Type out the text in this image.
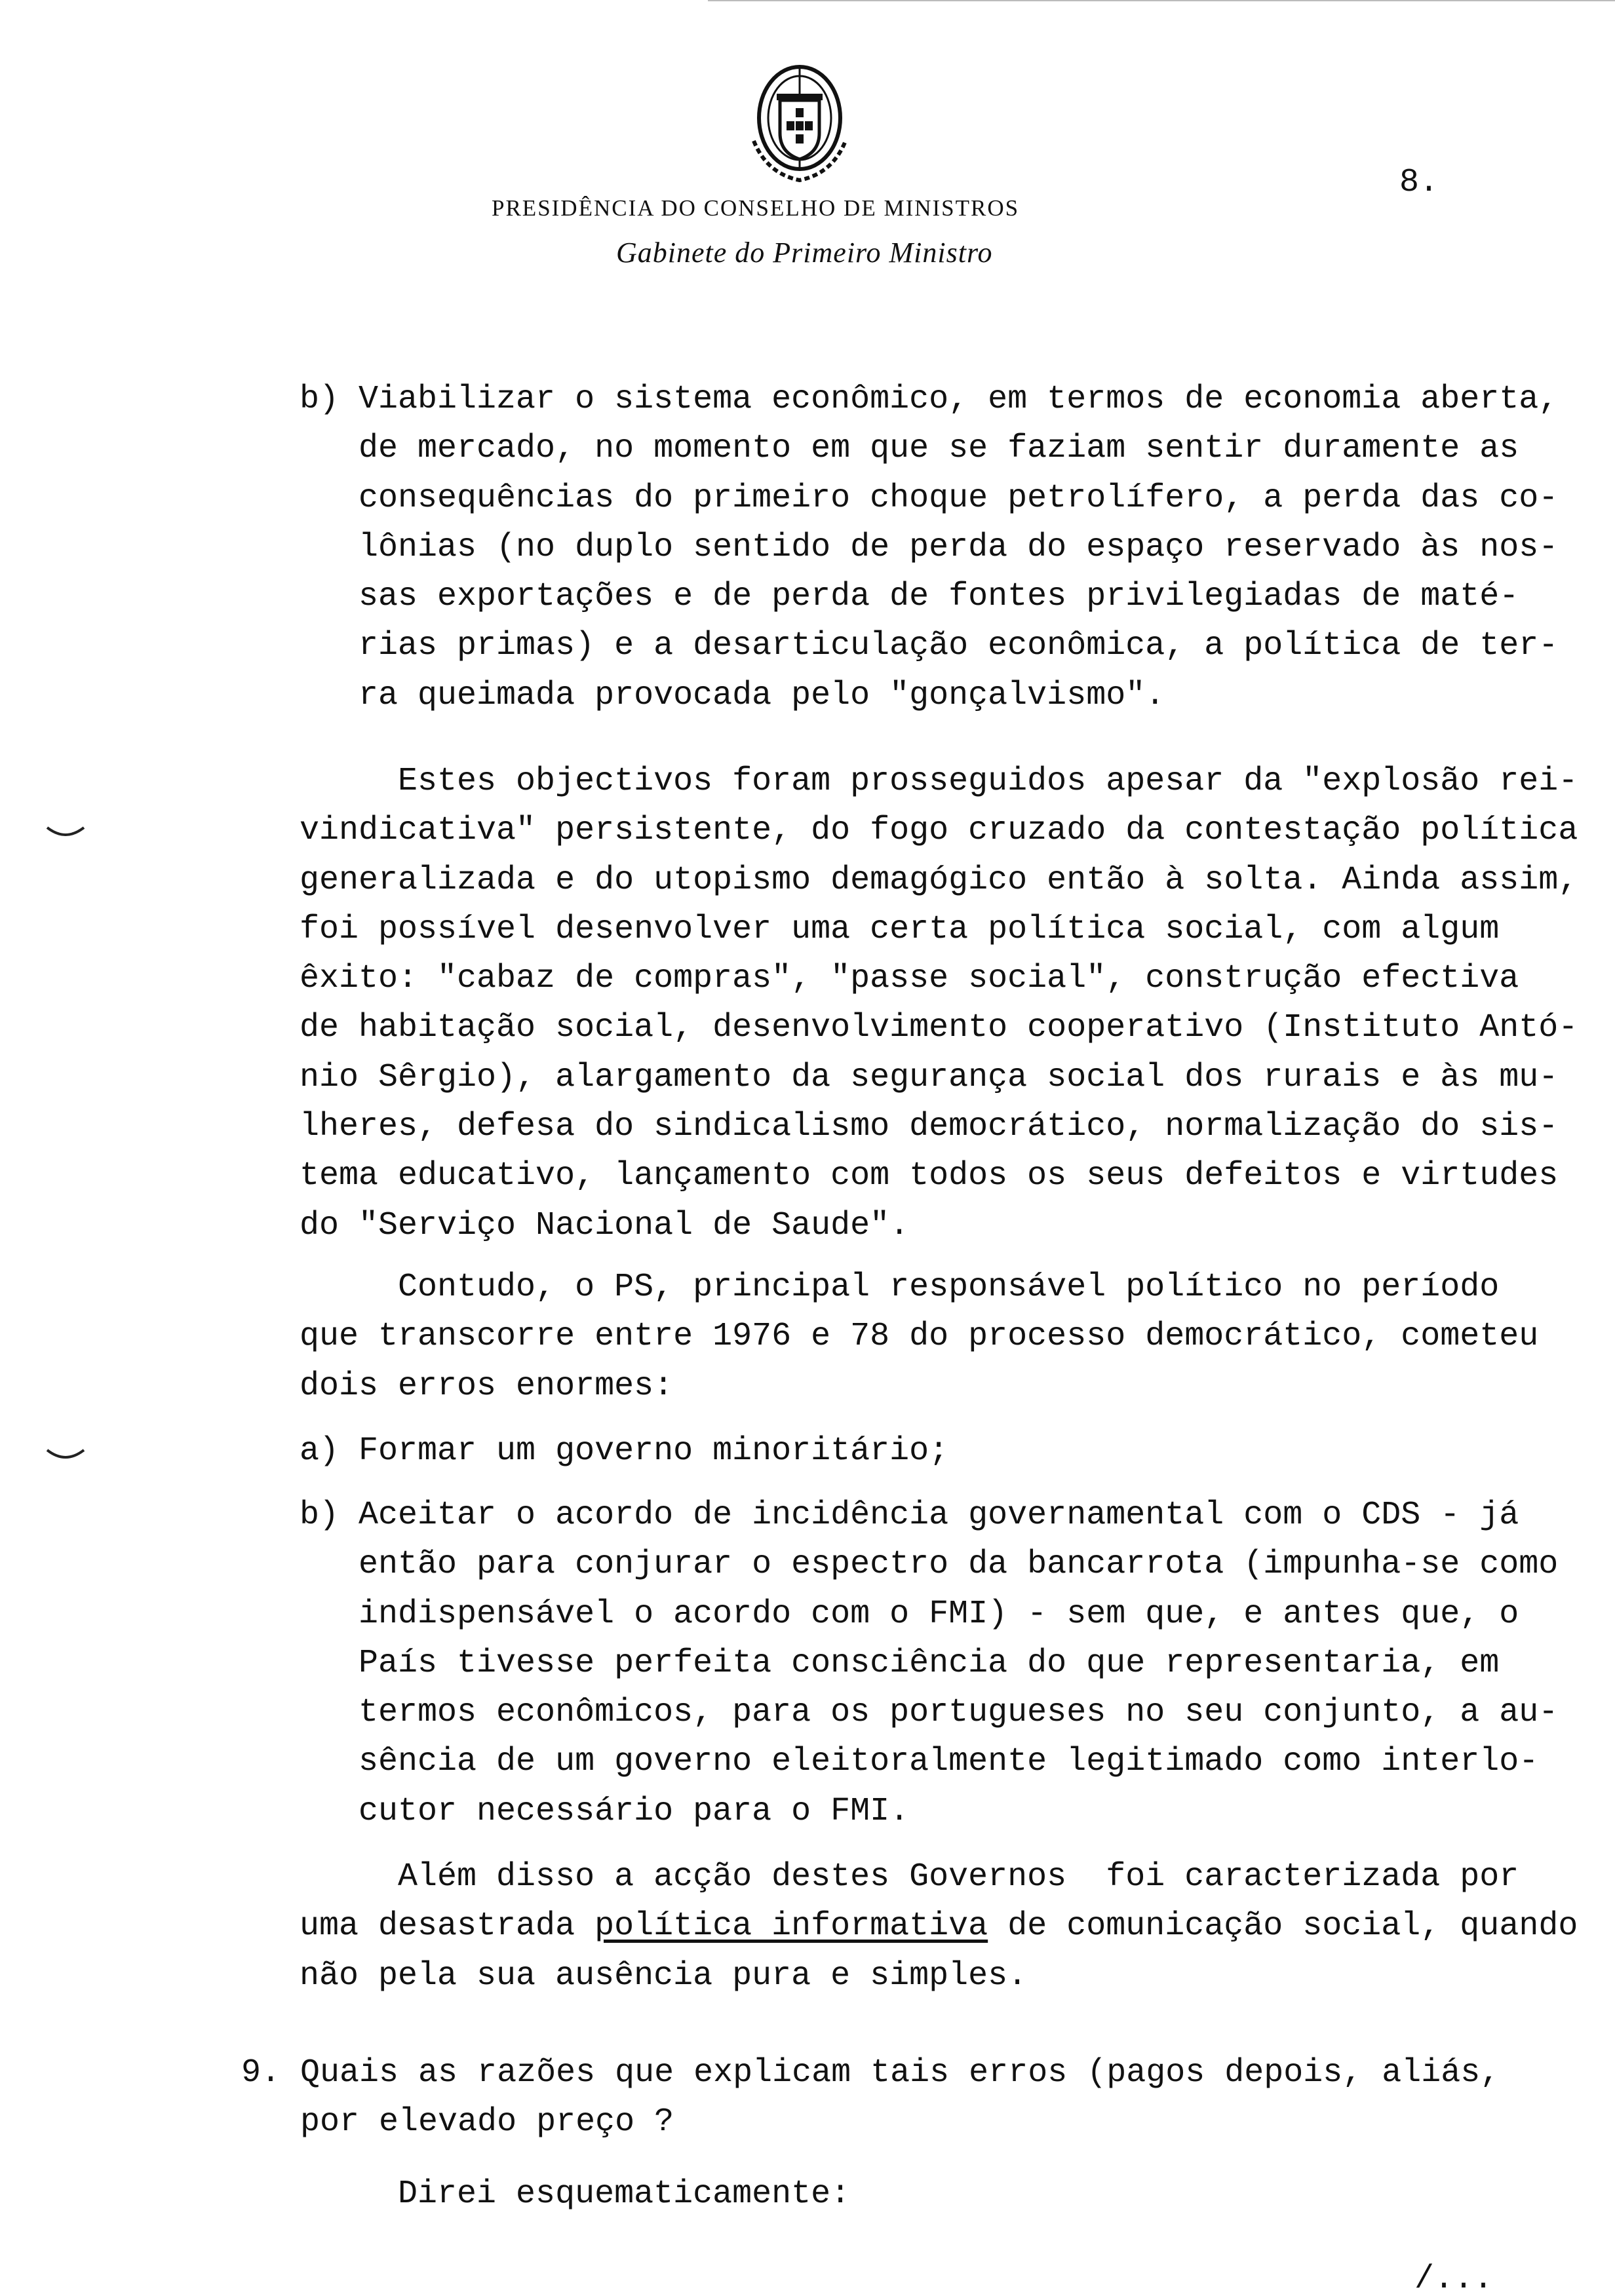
PRESIDÊNCIA DO CONSELHO DE MINISTROS
Gabinete do Primeiro Ministro
8.
b) Viabilizar o sistema econômico, em termos de economia aberta,
de mercado, no momento em que se faziam sentir duramente as
consequências do primeiro choque petrolífero, a perda das co-
lônias (no duplo sentido de perda do espaço reservado às nos-
sas exportações e de perda de fontes privilegiadas de maté-
rias primas) e a desarticulação econômica, a política de ter-
ra queimada provocada pelo "gonçalvismo".
Estes objectivos foram prosseguidos apesar da "explosão rei-
vindicativa" persistente, do fogo cruzado da contestação política
generalizada e do utopismo demagógico então à solta. Ainda assim,
foi possível desenvolver uma certa política social, com algum
êxito: "cabaz de compras", "passe social", construção efectiva
de habitação social, desenvolvimento cooperativo (Instituto Antó-
nio Sêrgio), alargamento da segurança social dos rurais e às mu-
lheres, defesa do sindicalismo democrático, normalização do sis-
tema educativo, lançamento com todos os seus defeitos e virtudes
do "Serviço Nacional de Saude".
Contudo, o PS, principal responsável político no período
que transcorre entre 1976 e 78 do processo democrático, cometeu
dois erros enormes:
a) Formar um governo minoritário;
b) Aceitar o acordo de incidência governamental com o CDS - já
então para conjurar o espectro da bancarrota (impunha-se como
indispensável o acordo com o FMI) - sem que, e antes que, o
País tivesse perfeita consciência do que representaria, em
termos econômicos, para os portugueses no seu conjunto, a au-
sência de um governo eleitoralmente legitimado como interlo-
cutor necessário para o FMI.
Além disso a acção destes Governos  foi caracterizada por
uma desastrada política informativa de comunicação social, quando
não pela sua ausência pura e simples.
9. Quais as razões que explicam tais erros (pagos depois, aliás,
por elevado preço ?
Direi esquematicamente:
/...
